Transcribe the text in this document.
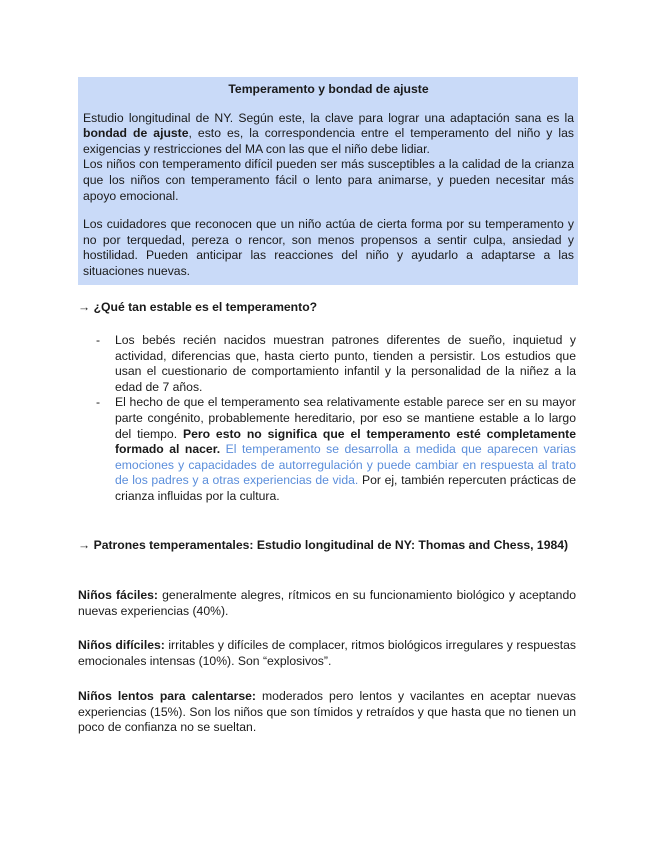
Temperamento y bondad de ajuste

Estudio longitudinal de NY. Según este, la clave para lograr una adaptación sana es la bondad de ajuste, esto es, la correspondencia entre el temperamento del niño y las exigencias y restricciones del MA con las que el niño debe lidiar.

Los niños con temperamento difícil pueden ser más susceptibles a la calidad de la crianza que los niños con temperamento fácil o lento para animarse, y pueden necesitar más apoyo emocional.

Los cuidadores que reconocen que un niño actúa de cierta forma por su temperamento y no por terquedad, pereza o rencor, son menos propensos a sentir culpa, ansiedad y hostilidad. Pueden anticipar las reacciones del niño y ayudarlo a adaptarse a las situaciones nuevas.

→ ¿Qué tan estable es el temperamento?
- Los bebés recién nacidos muestran patrones diferentes de sueño, inquietud y actividad, diferencias que, hasta cierto punto, tienden a persistir. Los estudios que usan el cuestionario de comportamiento infantil y la personalidad de la niñez a la edad de 7 años.
- El hecho de que el temperamento sea relativamente estable parece ser en su mayor parte congénito, probablemente hereditario, por eso se mantiene estable a lo largo del tiempo. Pero esto no significa que el temperamento esté completamente formado al nacer. El temperamento se desarrolla a medida que aparecen varias emociones y capacidades de autorregulación y puede cambiar en respuesta al trato de los padres y a otras experiencias de vida. Por ej, también repercuten prácticas de crianza influidas por la cultura.
→ Patrones temperamentales: Estudio longitudinal de NY: Thomas and Chess, 1984)

Niños fáciles: generalmente alegres, rítmicos en su funcionamiento biológico y aceptando nuevas experiencias (40%).

Niños difíciles: irritables y difíciles de complacer, ritmos biológicos irregulares y respuestas emocionales intensas (10%). Son “explosivos”.

Niños lentos para calentarse: moderados pero lentos y vacilantes en aceptar nuevas experiencias (15%). Son los niños que son tímidos y retraídos y que hasta que no tienen un poco de confianza no se sueltan.
